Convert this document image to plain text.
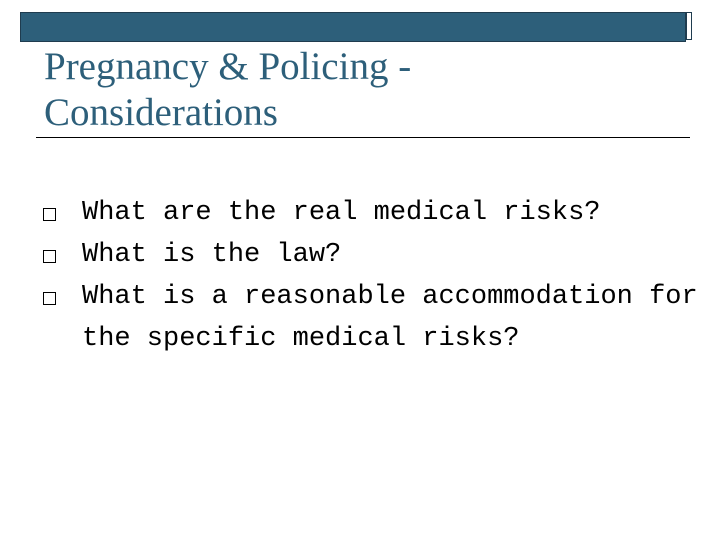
Pregnancy & Policing -
Considerations
What are the real medical risks?
What is the law?
What is a reasonable accommodation for the specific medical risks?
